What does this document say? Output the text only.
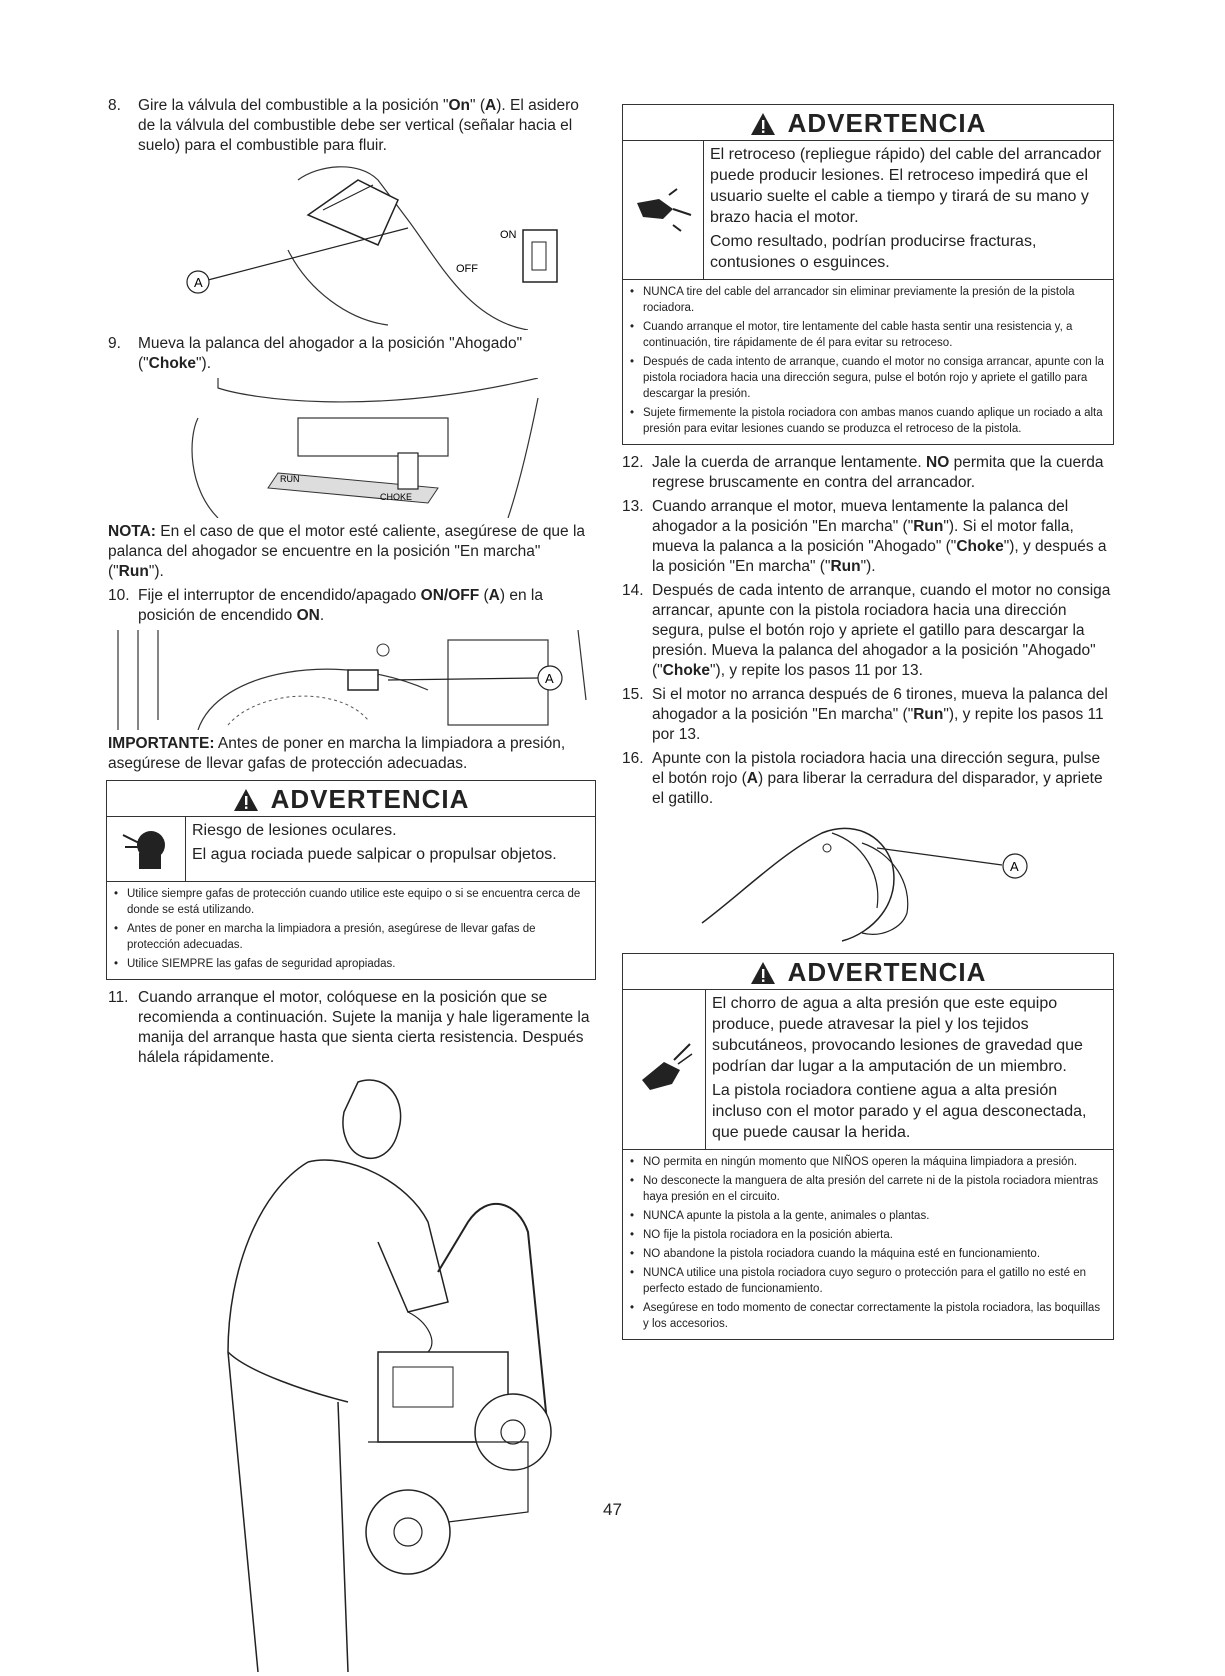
8.	Gire la válvula del combustible a la posición "On" (A). El asidero de la válvula del combustible debe ser vertical (señalar hacia el suelo) para el combustible para fluir.
ON
OFF
A
9.	Mueva la palanca del ahogador a la posición "Ahogado" ("Choke").
RUN
CHOKE
NOTA: En el caso de que el motor esté caliente, asegúrese de que la palanca del ahogador se encuentre en la posición "En marcha" ("Run").
10. Fije el interruptor de encendido/apagado ON/OFF (A) en la posición de encendido ON.
A
IMPORTANTE: Antes de poner en marcha la limpiadora a presión, asegúrese de llevar gafas de protección adecuadas.
ADVERTENCIA
Riesgo de lesiones oculares.
El agua rociada puede salpicar o propulsar objetos.
• Utilice siempre gafas de protección cuando utilice este equipo o si se encuentra cerca de donde se está utilizando.
• Antes de poner en marcha la limpiadora a presión, asegúrese de llevar gafas de protección adecuadas.
• Utilice SIEMPRE las gafas de seguridad apropiadas.
11. Cuando arranque el motor, colóquese en la posición que se recomienda a continuación. Sujete la manija y hale ligeramente la manija del arranque hasta que sienta cierta resistencia. Después hálela rápidamente.
ADVERTENCIA
El retroceso (repliegue rápido) del cable del arrancador puede producir lesiones. El retroceso impedirá que el usuario suelte el cable a tiempo y tirará de su mano y brazo hacia el motor.
Como resultado, podrían producirse fracturas, contusiones o esguinces.
• NUNCA tire del cable del arrancador sin eliminar previamente la presión de la pistola rociadora.
• Cuando arranque el motor, tire lentamente del cable hasta sentir una resistencia y, a continuación, tire rápidamente de él para evitar su retroceso.
• Después de cada intento de arranque, cuando el motor no consiga arrancar, apunte con la pistola rociadora hacia una dirección segura, pulse el botón rojo y apriete el gatillo para descargar la presión.
• Sujete firmemente la pistola rociadora con ambas manos cuando aplique un rociado a alta presión para evitar lesiones cuando se produzca el retroceso de la pistola.
12. Jale la cuerda de arranque lentamente. NO permita que la cuerda regrese bruscamente en contra del arrancador.
13. Cuando arranque el motor, mueva lentamente la palanca del ahogador a la posición "En marcha" ("Run"). Si el motor falla, mueva la palanca a la posición "Ahogado" ("Choke"), y después a la posición "En marcha" ("Run").
14. Después de cada intento de arranque, cuando el motor no consiga arrancar, apunte con la pistola rociadora hacia una dirección segura, pulse el botón rojo y apriete el gatillo para descargar la presión. Mueva la palanca del ahogador a la posición "Ahogado" ("Choke"), y repite los pasos 11 por 13.
15. Si el motor no arranca después de 6 tirones, mueva la palanca del ahogador a la posición "En marcha" ("Run"), y repite los pasos 11 por 13.
16. Apunte con la pistola rociadora hacia una dirección segura, pulse el botón rojo (A) para liberar la cerradura del disparador, y apriete el gatillo.
A
ADVERTENCIA
El chorro de agua a alta presión que este equipo produce, puede atravesar la piel y los tejidos subcutáneos, provocando lesiones de gravedad que podrían dar lugar a la amputación de un miembro.
La pistola rociadora contiene agua a alta presión incluso con el motor parado y el agua desconectada, que puede causar la herida.
• NO permita en ningún momento que NIÑOS operen la máquina limpiadora a presión.
• No desconecte la manguera de alta presión del carrete ni de la pistola rociadora mientras haya presión en el circuito.
• NUNCA apunte la pistola a la gente, animales o plantas.
• NO fije la pistola rociadora en la posición abierta.
• NO abandone la pistola rociadora cuando la máquina esté en funcionamiento.
• NUNCA utilice una pistola rociadora cuyo seguro o protección para el gatillo no esté en perfecto estado de funcionamiento.
• Asegúrese en todo momento de conectar correctamente la pistola rociadora, las boquillas y los accesorios.
47
